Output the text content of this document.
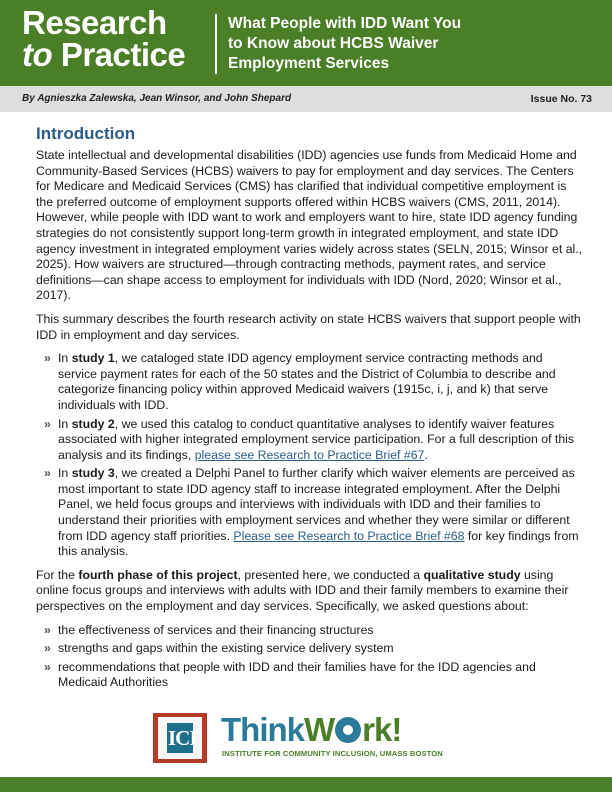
Research
to Practice
What People with IDD Want You
to Know about HCBS Waiver
Employment Services
By Agnieszka Zalewska, Jean Winsor, and John Shepard	Issue No. 73
Introduction

State intellectual and developmental disabilities (IDD) agencies use funds from Medicaid Home and Community-Based Services (HCBS) waivers to pay for employment and day services. The Centers for Medicare and Medicaid Services (CMS) has clarified that individual competitive employment is the preferred outcome of employment supports offered within HCBS waivers (CMS, 2011, 2014). However, while people with IDD want to work and employers want to hire, state IDD agency funding strategies do not consistently support long-term growth in integrated employment, and state IDD agency investment in integrated employment varies widely across states (SELN, 2015; Winsor et al., 2025). How waivers are structured—through contracting methods, payment rates, and service definitions—can shape access to employment for individuals with IDD (Nord, 2020; Winsor et al., 2017).

This summary describes the fourth research activity on state HCBS waivers that support people with IDD in employment and day services.

» In study 1, we cataloged state IDD agency employment service contracting methods and service payment rates for each of the 50 states and the District of Columbia to describe and categorize financing policy within approved Medicaid waivers (1915c, i, j, and k) that serve individuals with IDD.
» In study 2, we used this catalog to conduct quantitative analyses to identify waiver features associated with higher integrated employment service participation. For a full description of this analysis and its findings, please see Research to Practice Brief #67.
» In study 3, we created a Delphi Panel to further clarify which waiver elements are perceived as most important to state IDD agency staff to increase integrated employment. After the Delphi Panel, we held focus groups and interviews with individuals with IDD and their families to understand their priorities with employment services and whether they were similar or different from IDD agency staff priorities. Please see Research to Practice Brief #68 for key findings from this analysis.

For the fourth phase of this project, presented here, we conducted a qualitative study using online focus groups and interviews with adults with IDD and their family members to examine their perspectives on the employment and day services. Specifically, we asked questions about:

» the effectiveness of services and their financing structures
» strengths and gaps within the existing service delivery system
» recommendations that people with IDD and their families have for the IDD agencies and Medicaid Authorities
ICI ThinkW rk!
INSTITUTE FOR COMMUNITY INCLUSION, UMASS BOSTON
